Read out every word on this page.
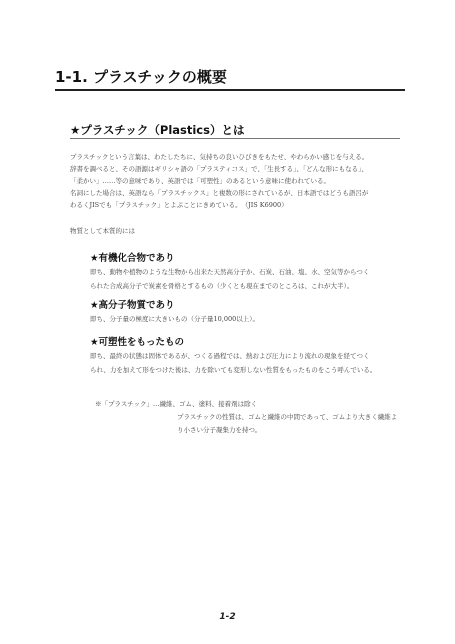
1-1. プラスチックの概要
★プラスチック（Plastics）とは
プラスチックという言葉は、わたしたちに、気持ちの良いひびきをもたせ、やわらかい感じを与える。
辞書を調べると、その語源はギリシャ語の「プラスティコス」で、「生長する」、「どんな形にもなる」、
「柔かい」……等の意味であり、英語では「可塑性」のあるという意味に使われている。
名詞にした場合は、英語なら「プラスチックス」と複数の形にされているが、日本語ではどうも語呂が
わるくJISでも「プラスチック」とよぶことにきめている。　（JIS K6900）
物質として本質的には
★有機化合物であり
即ち、動物や植物のような生物から出来た天然高分子か、石炭、石油、塩、水、空気等からつく
られた合成高分子で炭素を骨格とするもの（少くとも現在までのところは、これが大半）。
★高分子物質であり
即ち、分子量の極度に大きいもの（分子量10,000以上）。
★可塑性をもったもの
即ち、最終の状態は固体であるが、つくる過程では、熱および圧力により流れの現象を経てつく
られ、力を加えて形をつけた後は、力を除いても変形しない性質をもったものをこう呼んでいる。
※「プラスチック」…繊維、ゴム、塗料、接着剤は除く
プラスチックの性質は、ゴムと繊維の中間であって、ゴムより大きく繊維よ
り小さい分子凝集力を持つ。
1-2
